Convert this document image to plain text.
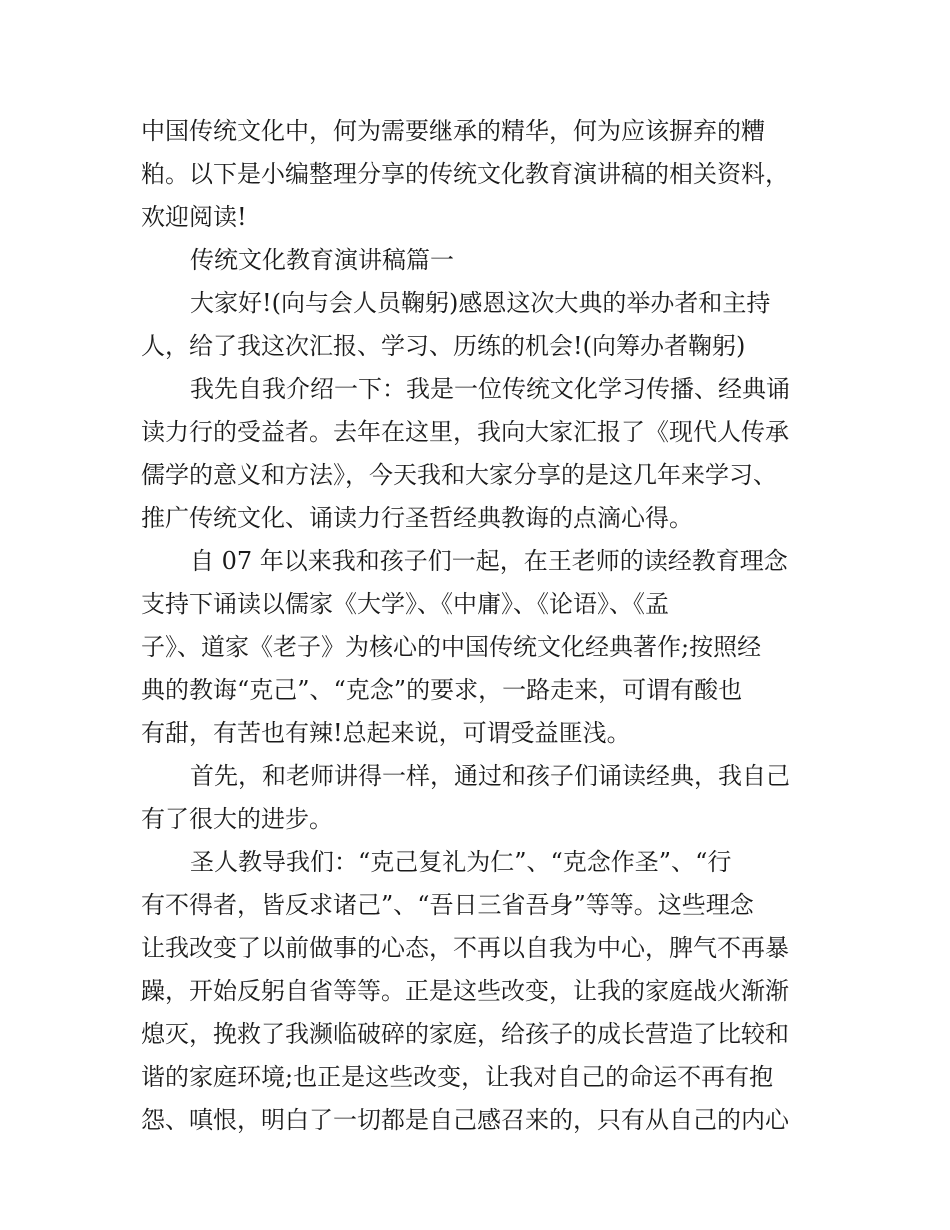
中国传统文化中，何为需要继承的精华，何为应该摒弃的糟
粕。以下是小编整理分享的传统文化教育演讲稿的相关资料，
欢迎阅读!
传统文化教育演讲稿篇一
大家好!(向与会人员鞠躬)感恩这次大典的举办者和主持
人，给了我这次汇报、学习、历练的机会!(向筹办者鞠躬)
我先自我介绍一下：我是一位传统文化学习传播、经典诵
读力行的受益者。去年在这里，我向大家汇报了《现代人传承
儒学的意义和方法》，今天我和大家分享的是这几年来学习、
推广传统文化、诵读力行圣哲经典教诲的点滴心得。
自 07 年以来我和孩子们一起，在王老师的读经教育理念
支持下诵读以儒家《大学》、《中庸》、《论语》、《孟
子》、道家《老子》为核心的中国传统文化经典著作;按照经
典的教诲“克己”、“克念”的要求，一路走来，可谓有酸也
有甜，有苦也有辣!总起来说，可谓受益匪浅。
首先，和老师讲得一样，通过和孩子们诵读经典，我自己
有了很大的进步。
圣人教导我们：“克己复礼为仁”、“克念作圣”、“行
有不得者，皆反求诸己”、“吾日三省吾身”等等。这些理念
让我改变了以前做事的心态，不再以自我为中心，脾气不再暴
躁，开始反躬自省等等。正是这些改变，让我的家庭战火渐渐
熄灭，挽救了我濒临破碎的家庭，给孩子的成长营造了比较和
谐的家庭环境;也正是这些改变，让我对自己的命运不再有抱
怨、嗔恨，明白了一切都是自己感召来的，只有从自己的内心
